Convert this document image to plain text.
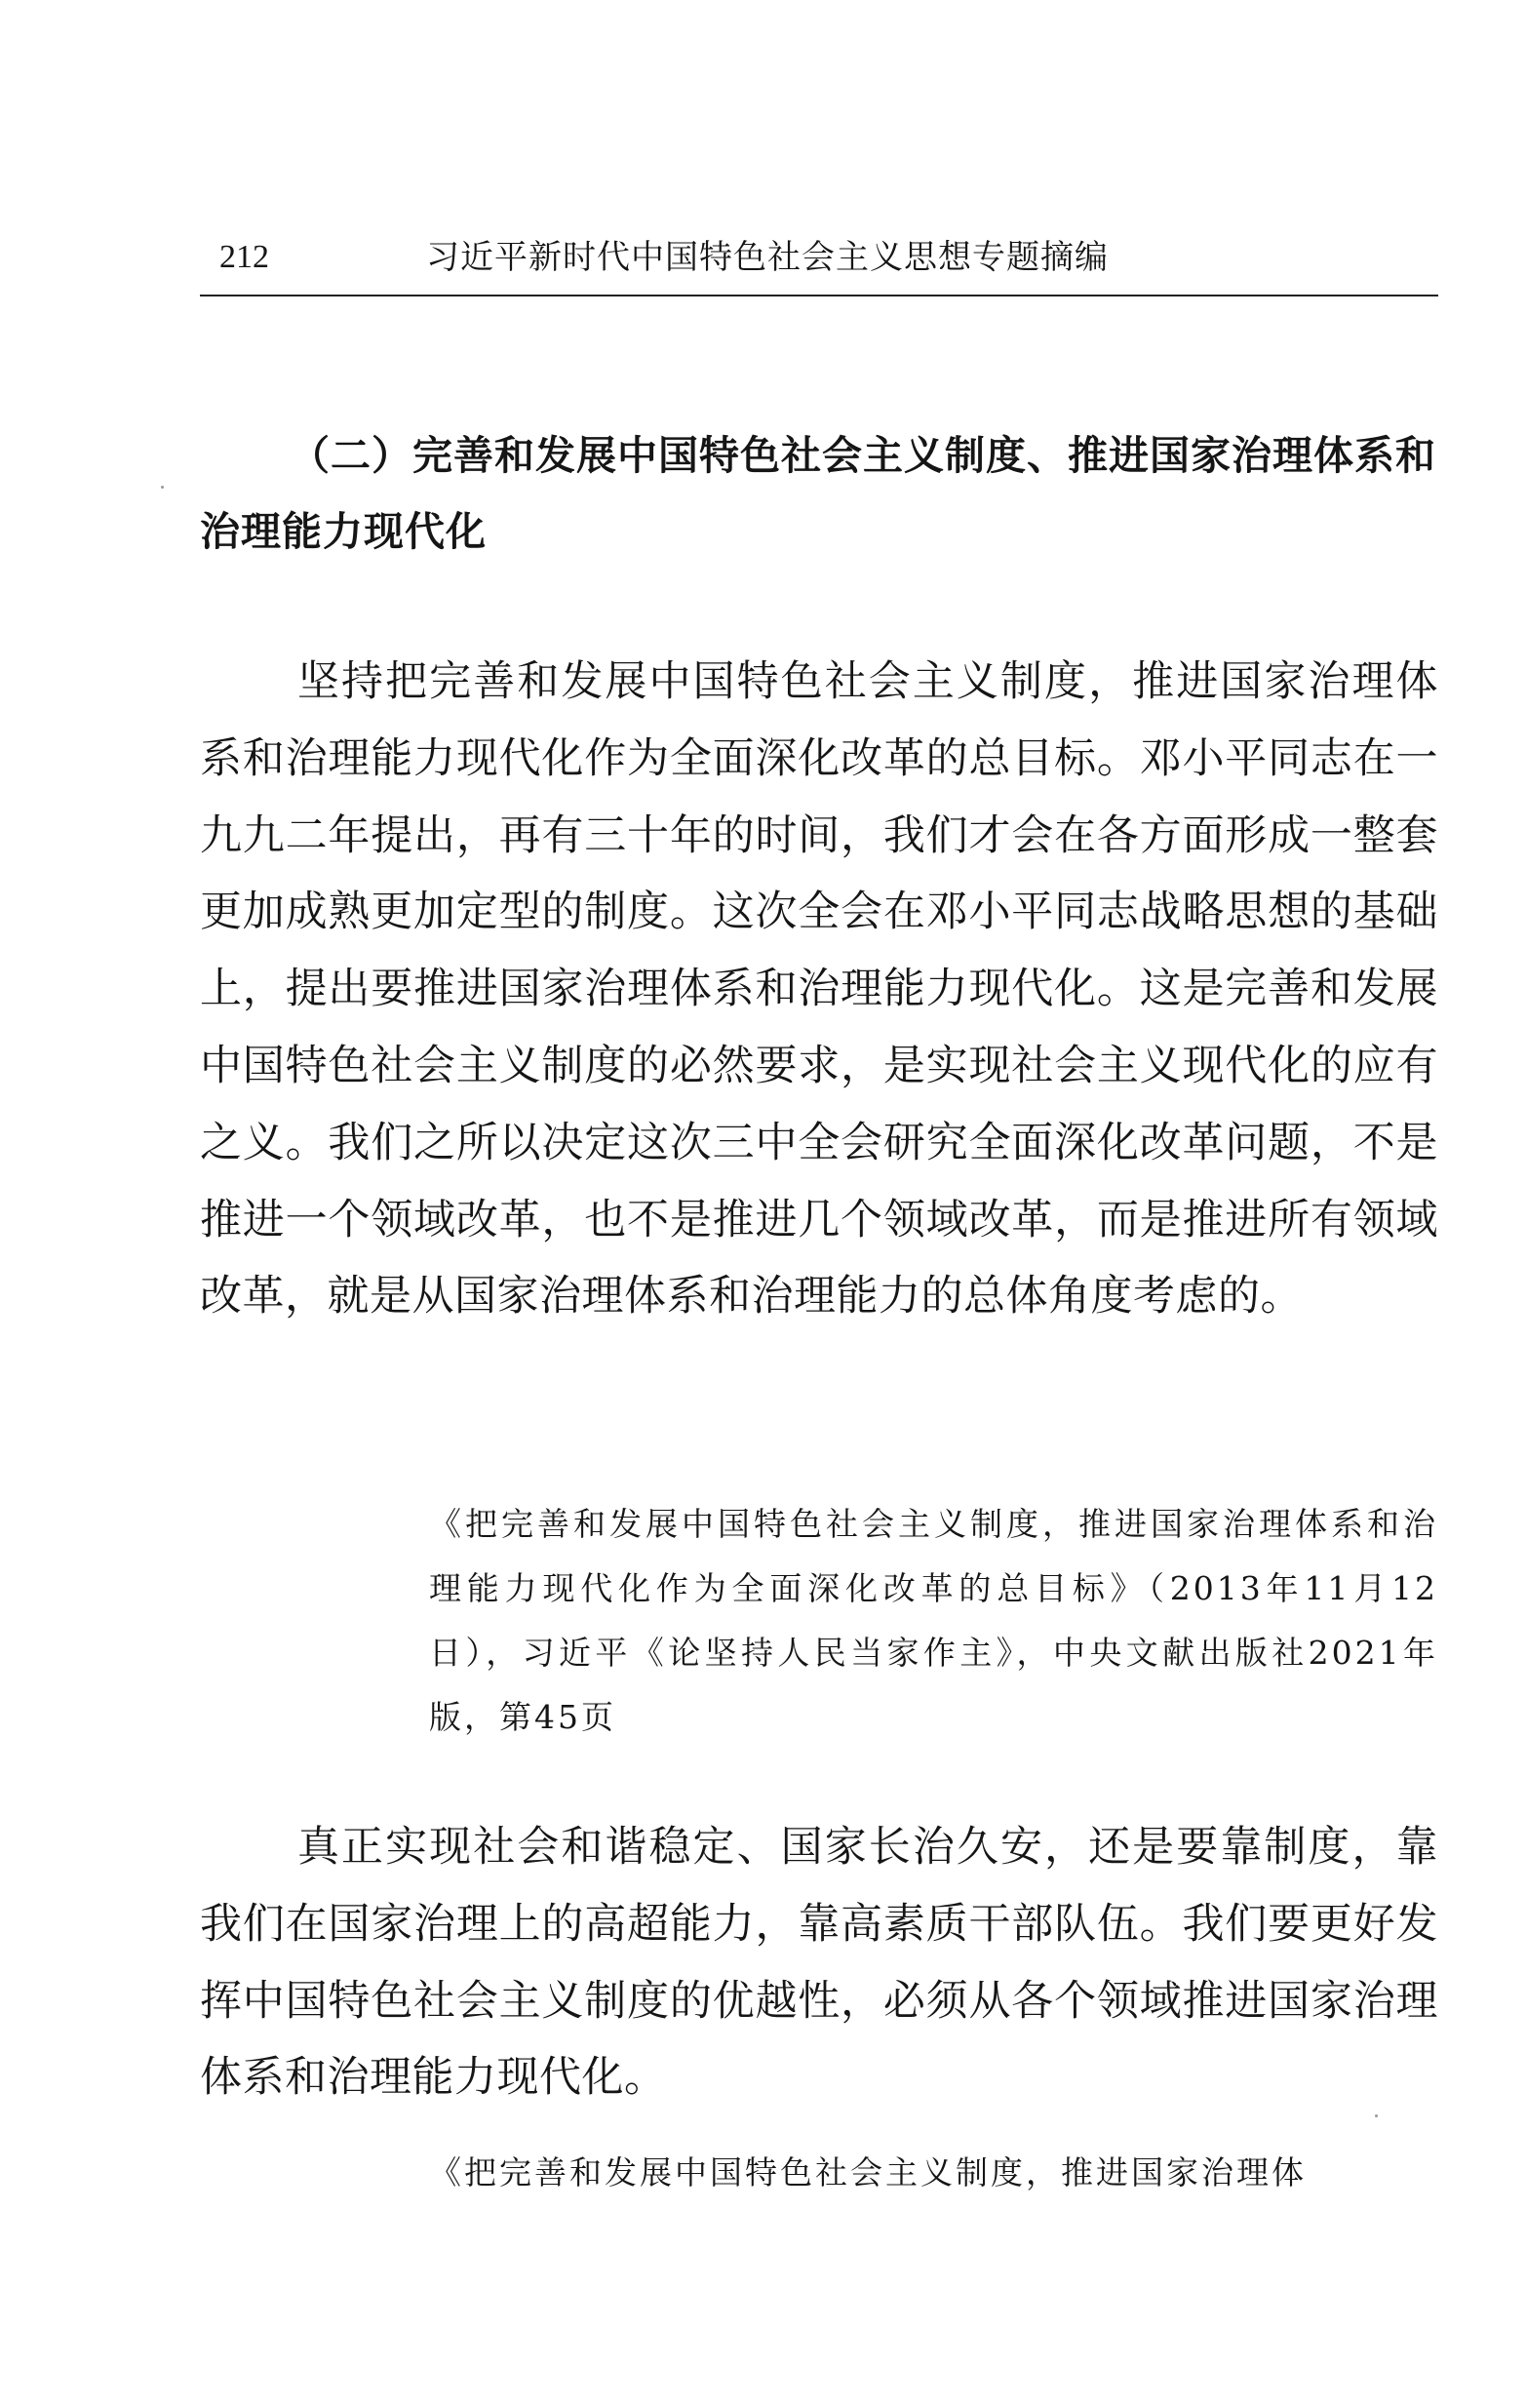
212	习近平新时代中国特色社会主义思想专题摘编
（二）完善和发展中国特色社会主义制度、推进国家治理体系和治理能力现代化

坚持把完善和发展中国特色社会主义制度，推进国家治理体系和治理能力现代化作为全面深化改革的总目标。邓小平同志在一九九二年提出，再有三十年的时间，我们才会在各方面形成一整套更加成熟更加定型的制度。这次全会在邓小平同志战略思想的基础上，提出要推进国家治理体系和治理能力现代化。这是完善和发展中国特色社会主义制度的必然要求，是实现社会主义现代化的应有之义。我们之所以决定这次三中全会研究全面深化改革问题，不是推进一个领域改革，也不是推进几个领域改革，而是推进所有领域改革，就是从国家治理体系和治理能力的总体角度考虑的。

《把完善和发展中国特色社会主义制度，推进国家治理体系和治理能力现代化作为全面深化改革的总目标》（2013年11月12日），习近平《论坚持人民当家作主》，中央文献出版社2021年版，第45页

真正实现社会和谐稳定、国家长治久安，还是要靠制度，靠我们在国家治理上的高超能力，靠高素质干部队伍。我们要更好发挥中国特色社会主义制度的优越性，必须从各个领域推进国家治理体系和治理能力现代化。

《把完善和发展中国特色社会主义制度，推进国家治理体
